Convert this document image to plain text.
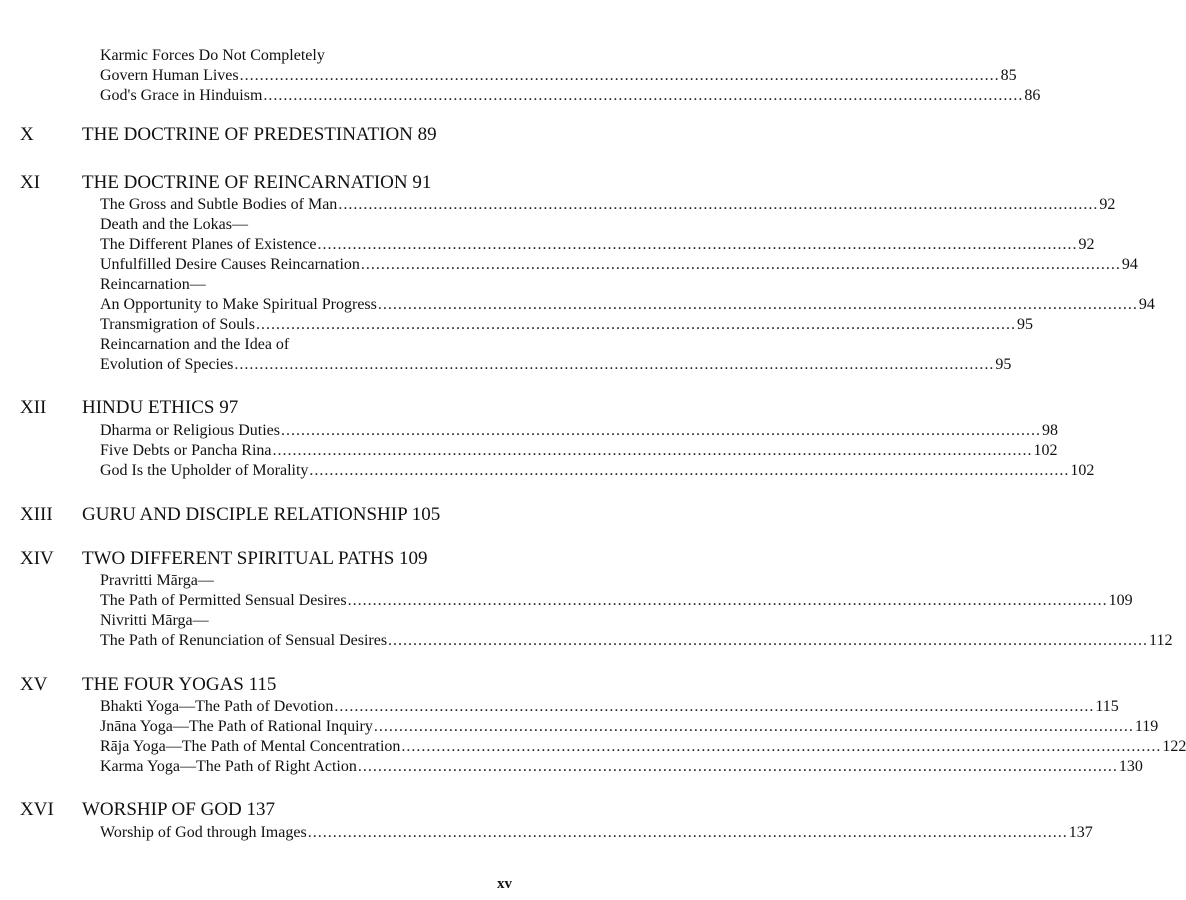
Karmic Forces Do Not Completely
Govern Human Lives ........................................................................................................................................................ 85
God's Grace in Hinduism ........................................................................................................................................................ 86
X	THE DOCTRINE OF PREDESTINATION 89
XI	THE DOCTRINE OF REINCARNATION 91
The Gross and Subtle Bodies of Man ........................................................................................................................................................ 92
Death and the Lokas—
The Different Planes of Existence ........................................................................................................................................................ 92
Unfulfilled Desire Causes Reincarnation ........................................................................................................................................................ 94
Reincarnation—
An Opportunity to Make Spiritual Progress ........................................................................................................................................................ 94
Transmigration of Souls ........................................................................................................................................................ 95
Reincarnation and the Idea of
Evolution of Species ........................................................................................................................................................ 95
XII	HINDU ETHICS 97
Dharma or Religious Duties ........................................................................................................................................................ 98
Five Debts or Pancha Rina ........................................................................................................................................................ 102
God Is the Upholder of Morality ........................................................................................................................................................ 102
XIII	GURU AND DISCIPLE RELATIONSHIP 105
XIV	TWO DIFFERENT SPIRITUAL PATHS 109
Pravritti Mārga—
The Path of Permitted Sensual Desires ........................................................................................................................................................ 109
Nivritti Mārga—
The Path of Renunciation of Sensual Desires ........................................................................................................................................................ 112
XV	THE FOUR YOGAS 115
Bhakti Yoga—The Path of Devotion ........................................................................................................................................................ 115
Jnāna Yoga—The Path of Rational Inquiry ........................................................................................................................................................ 119
Rāja Yoga—The Path of Mental Concentration ........................................................................................................................................................ 122
Karma Yoga—The Path of Right Action ........................................................................................................................................................ 130
XVI	WORSHIP OF GOD 137
Worship of God through Images ........................................................................................................................................................ 137
xv
